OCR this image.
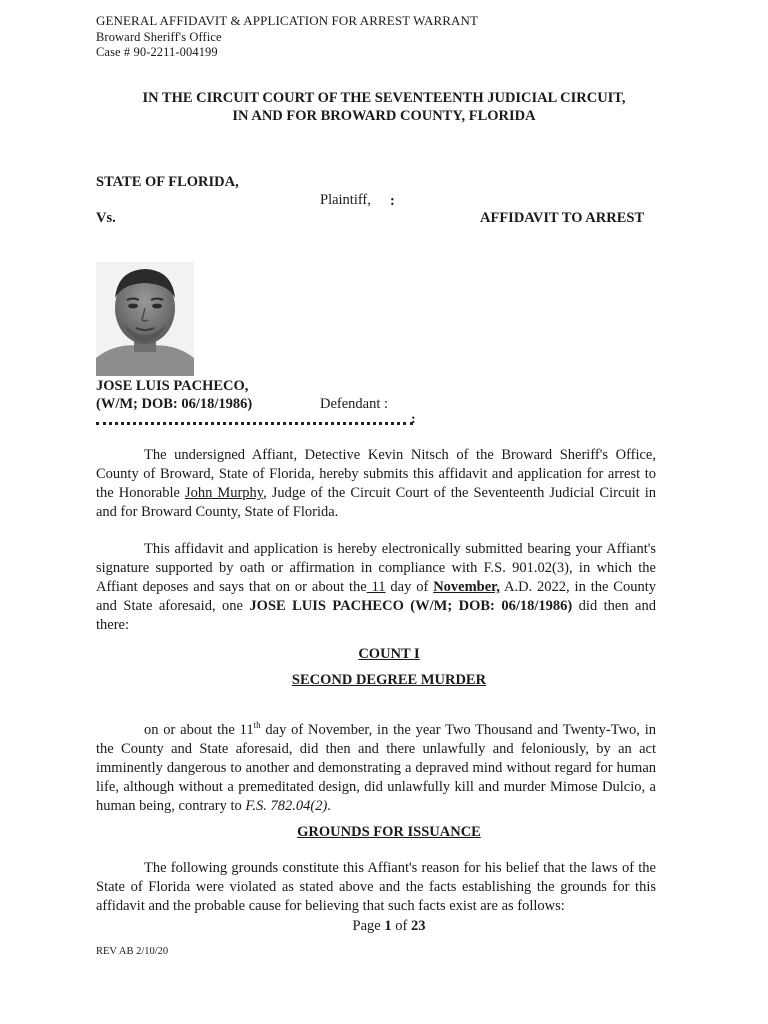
GENERAL AFFIDAVIT & APPLICATION FOR ARREST WARRANT
Broward Sheriff's Office
Case # 90-2211-004199
IN THE CIRCUIT COURT OF THE SEVENTEENTH JUDICIAL CIRCUIT,
IN AND FOR BROWARD COUNTY, FLORIDA
STATE OF FLORIDA,
Plaintiff, :
Vs.	AFFIDAVIT TO ARREST
JOSE LUIS PACHECO,
(W/M; DOB: 06/18/1986)	Defendant :
:
The undersigned Affiant, Detective Kevin Nitsch of the Broward Sheriff's Office, County of Broward, State of Florida, hereby submits this affidavit and application for arrest to the Honorable John Murphy, Judge of the Circuit Court of the Seventeenth Judicial Circuit in and for Broward County, State of Florida.
This affidavit and application is hereby electronically submitted bearing your Affiant's signature supported by oath or affirmation in compliance with F.S. 901.02(3), in which the Affiant deposes and says that on or about the 11 day of November, A.D. 2022, in the County and State aforesaid, one JOSE LUIS PACHECO (W/M; DOB: 06/18/1986) did then and there:
COUNT I
SECOND DEGREE MURDER
on or about the 11th day of November, in the year Two Thousand and Twenty-Two, in the County and State aforesaid, did then and there unlawfully and feloniously, by an act imminently dangerous to another and demonstrating a depraved mind without regard for human life, although without a premeditated design, did unlawfully kill and murder Mimose Dulcio, a human being, contrary to F.S. 782.04(2).
GROUNDS FOR ISSUANCE
The following grounds constitute this Affiant's reason for his belief that the laws of the State of Florida were violated as stated above and the facts establishing the grounds for this affidavit and the probable cause for believing that such facts exist are as follows:
Page 1 of 23
REV AB 2/10/20
